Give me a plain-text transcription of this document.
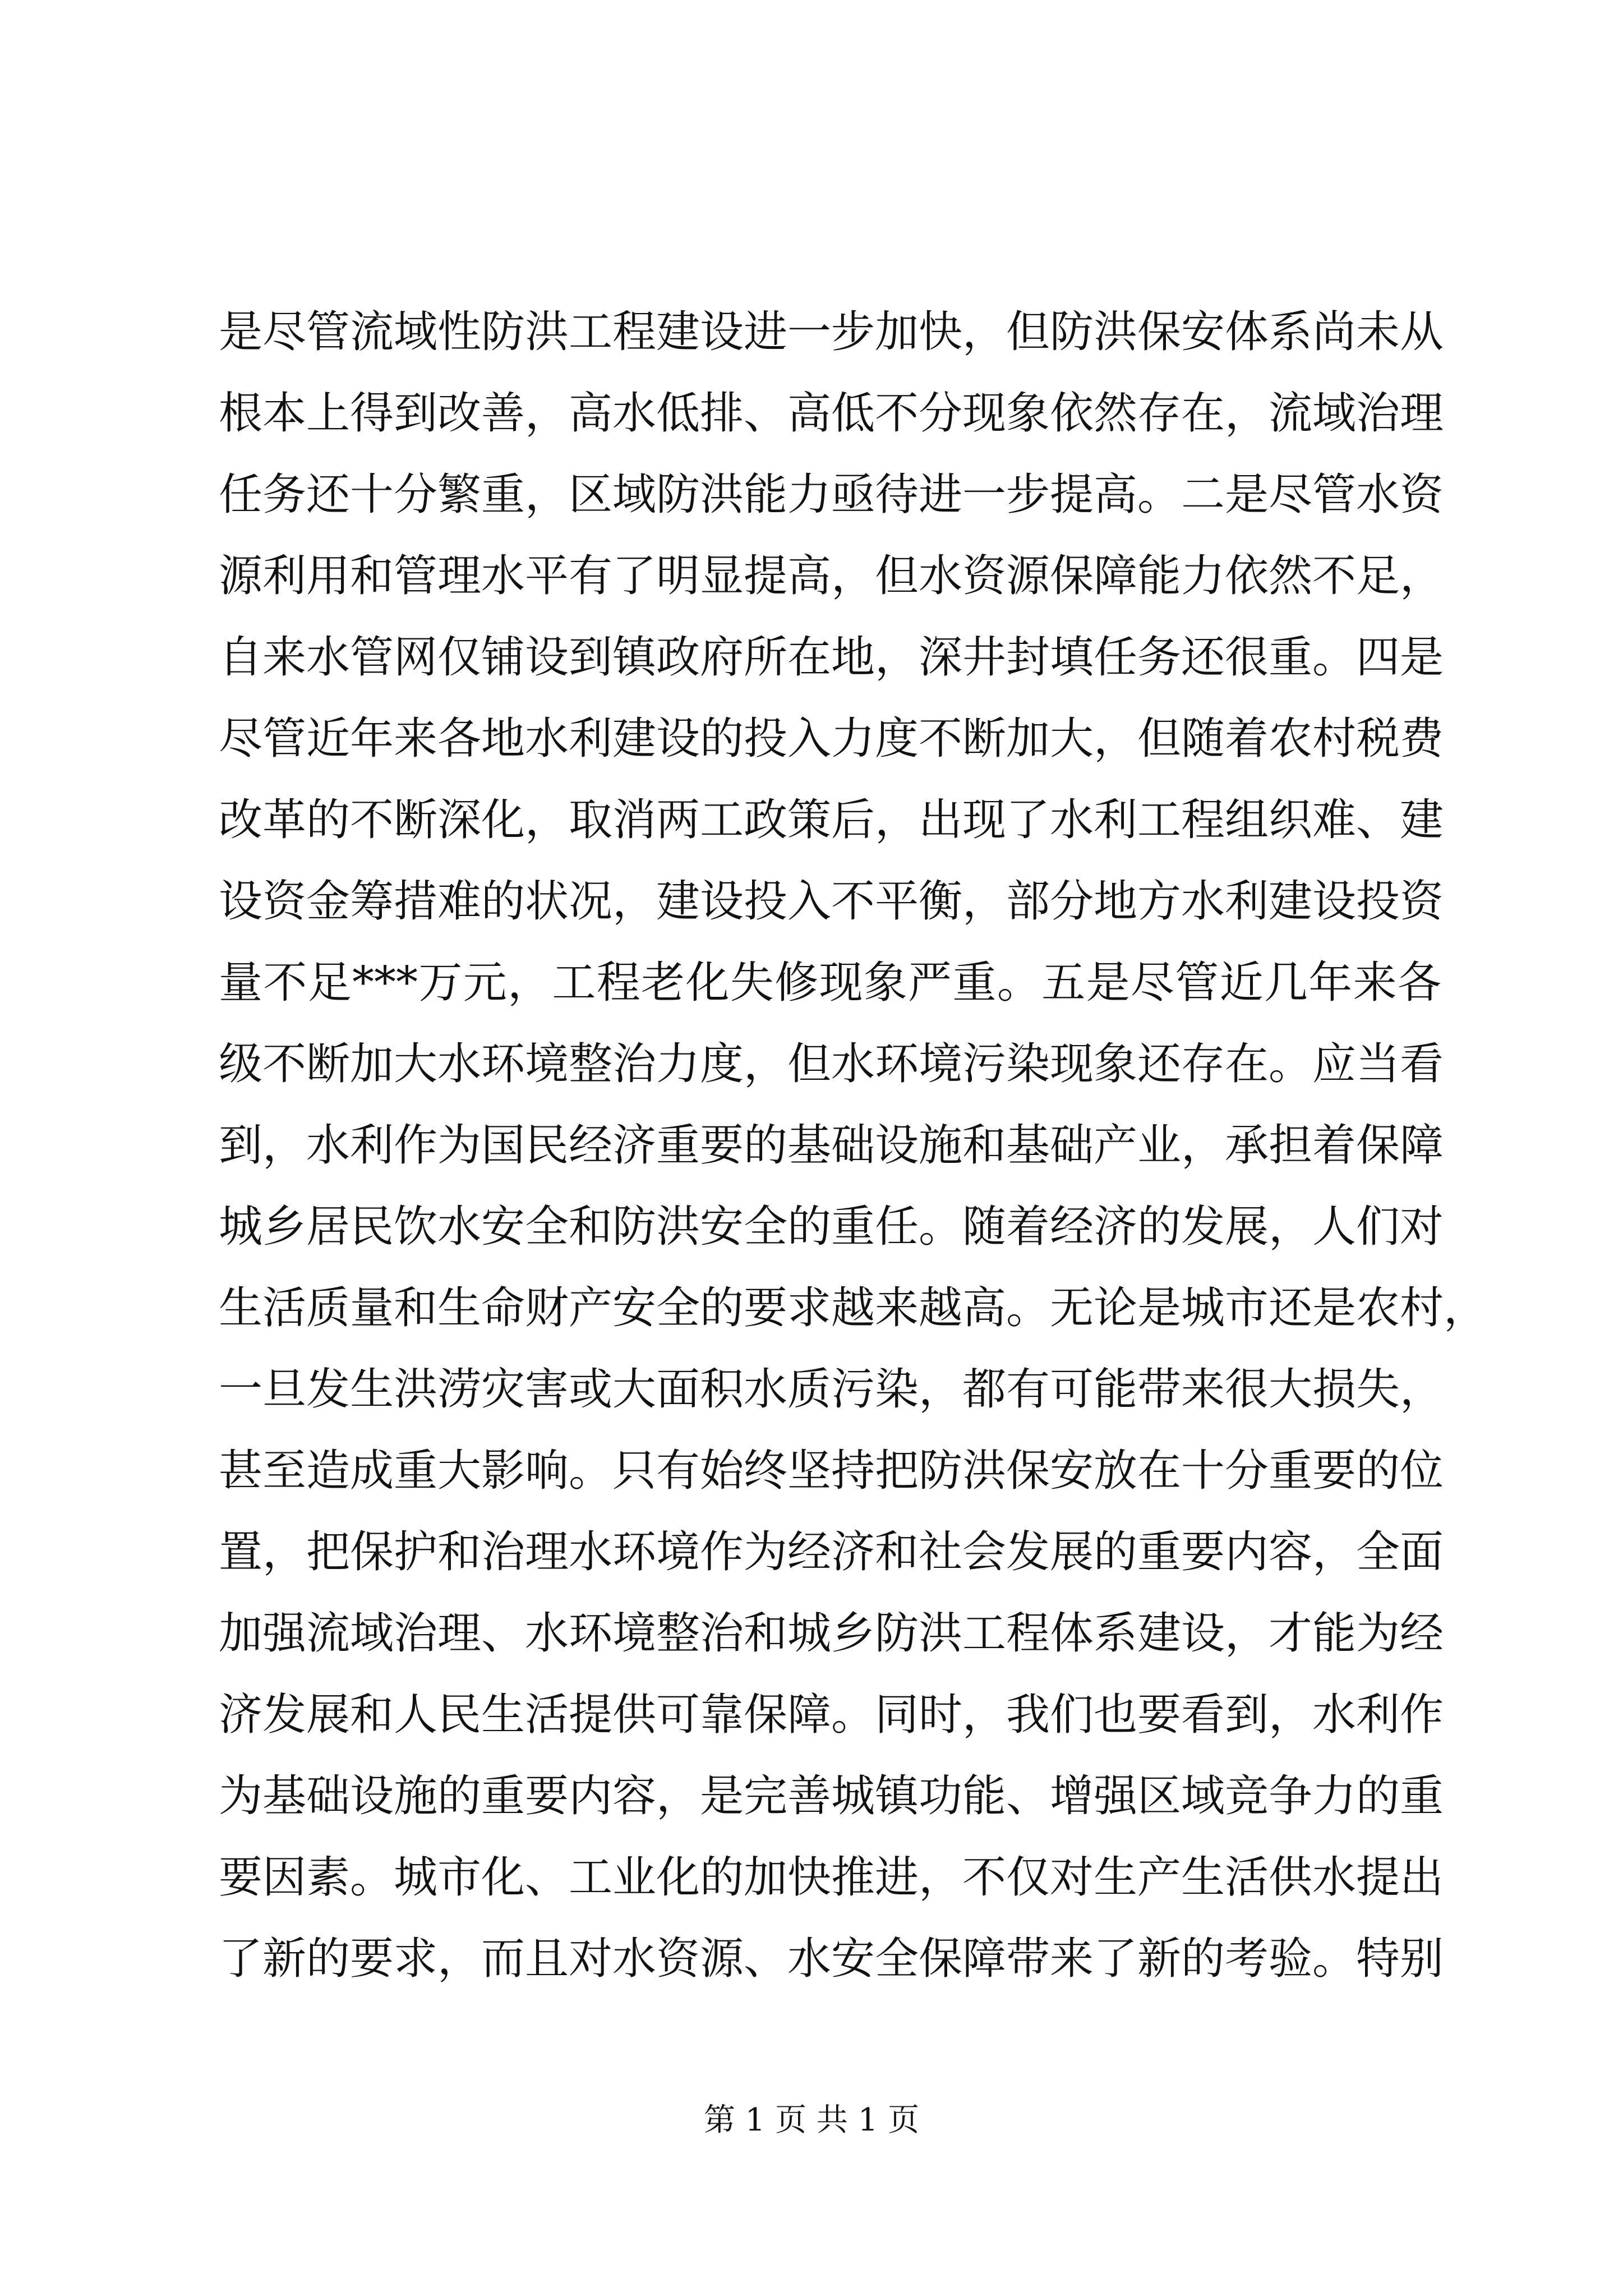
是尽管流域性防洪工程建设进一步加快，但防洪保安体系尚未从
根本上得到改善，高水低排、高低不分现象依然存在，流域治理
任务还十分繁重，区域防洪能力亟待进一步提高。二是尽管水资
源利用和管理水平有了明显提高，但水资源保障能力依然不足，
自来水管网仅铺设到镇政府所在地，深井封填任务还很重。四是
尽管近年来各地水利建设的投入力度不断加大，但随着农村税费
改革的不断深化，取消两工政策后，出现了水利工程组织难、建
设资金筹措难的状况，建设投入不平衡，部分地方水利建设投资
量不足***万元，工程老化失修现象严重。五是尽管近几年来各
级不断加大水环境整治力度，但水环境污染现象还存在。应当看
到，水利作为国民经济重要的基础设施和基础产业，承担着保障
城乡居民饮水安全和防洪安全的重任。随着经济的发展，人们对
生活质量和生命财产安全的要求越来越高。无论是城市还是农村，
一旦发生洪涝灾害或大面积水质污染，都有可能带来很大损失，
甚至造成重大影响。只有始终坚持把防洪保安放在十分重要的位
置，把保护和治理水环境作为经济和社会发展的重要内容，全面
加强流域治理、水环境整治和城乡防洪工程体系建设，才能为经
济发展和人民生活提供可靠保障。同时，我们也要看到，水利作
为基础设施的重要内容，是完善城镇功能、增强区域竞争力的重
要因素。城市化、工业化的加快推进，不仅对生产生活供水提出
了新的要求，而且对水资源、水安全保障带来了新的考验。特别
第 1 页 共 1 页
